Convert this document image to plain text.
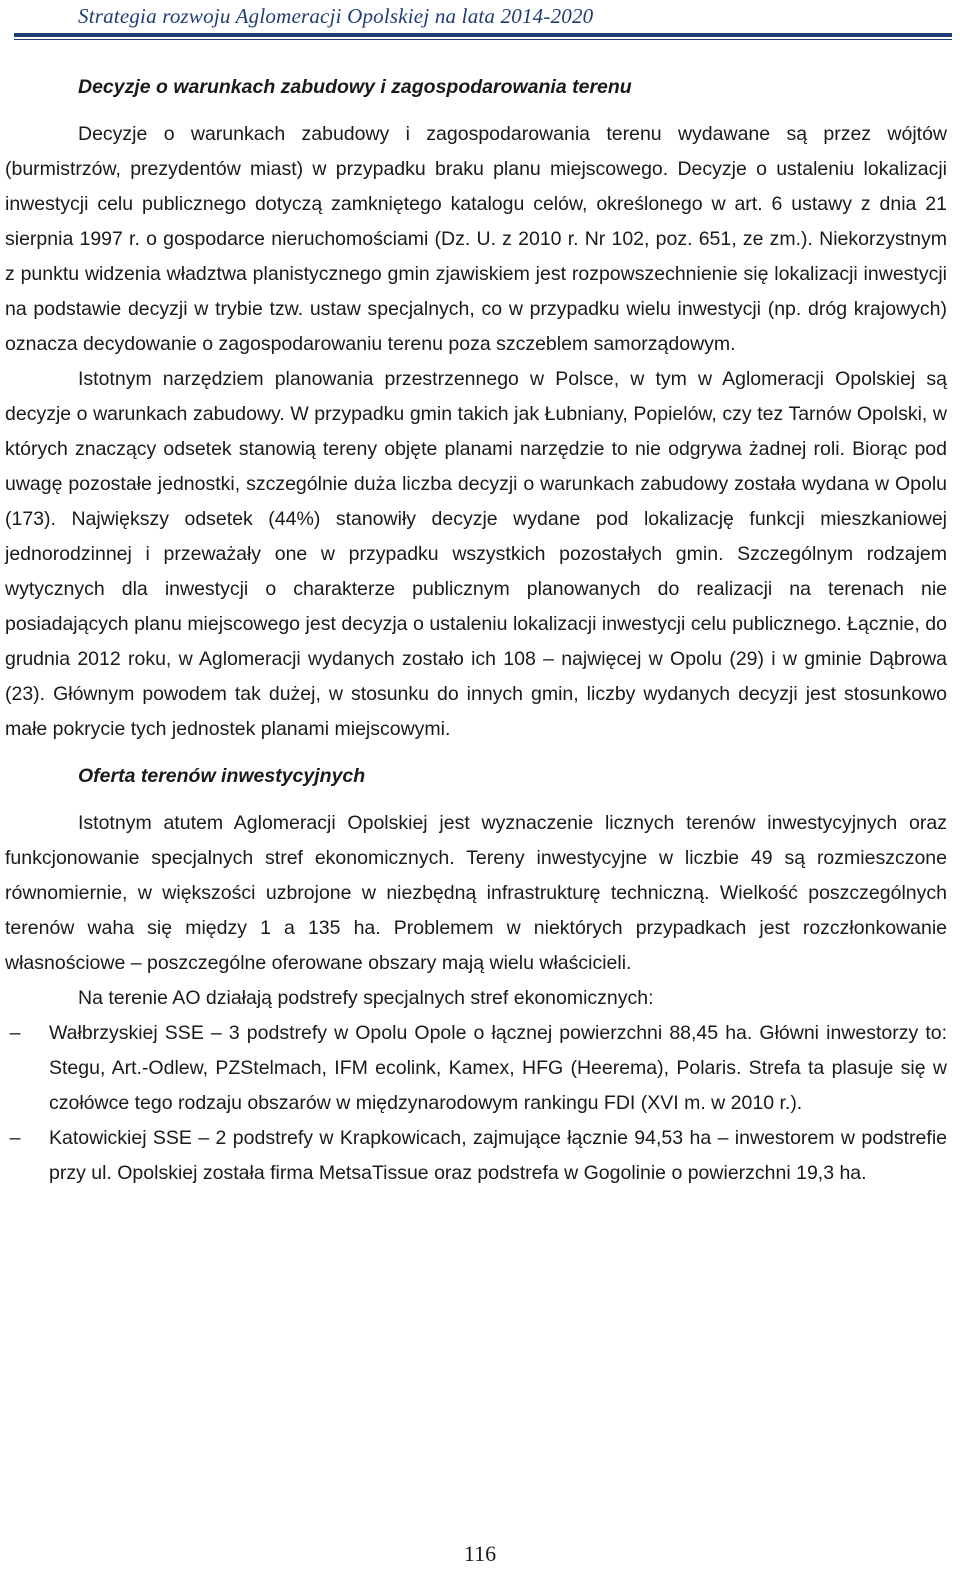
Strategia rozwoju Aglomeracji Opolskiej na lata 2014-2020

Decyzje o warunkach zabudowy i zagospodarowania terenu

Decyzje o warunkach zabudowy i zagospodarowania terenu wydawane są przez wójtów (burmistrzów, prezydentów miast) w przypadku braku planu miejscowego. Decyzje o ustaleniu lokalizacji inwestycji celu publicznego dotyczą zamkniętego katalogu celów, określonego w art. 6 ustawy z dnia 21 sierpnia 1997 r. o gospodarce nieruchomościami (Dz. U. z 2010 r. Nr 102, poz. 651, ze zm.). Niekorzystnym z punktu widzenia władztwa planistycznego gmin zjawiskiem jest rozpowszechnienie się lokalizacji inwestycji na podstawie decyzji w trybie tzw. ustaw specjalnych, co w przypadku wielu inwestycji (np. dróg krajowych) oznacza decydowanie o zagospodarowaniu terenu poza szczeblem samorządowym.

Istotnym narzędziem planowania przestrzennego w Polsce, w tym w Aglomeracji Opolskiej są decyzje o warunkach zabudowy. W przypadku gmin takich jak Łubniany, Popielów, czy tez Tarnów Opolski, w których znaczący odsetek stanowią tereny objęte planami narzędzie to nie odgrywa żadnej roli. Biorąc pod uwagę pozostałe jednostki, szczególnie duża liczba decyzji o warunkach zabudowy została wydana w Opolu (173). Największy odsetek (44%) stanowiły decyzje wydane pod lokalizację funkcji mieszkaniowej jednorodzinnej i przeważały one w przypadku wszystkich pozostałych gmin. Szczególnym rodzajem wytycznych dla inwestycji o charakterze publicznym planowanych do realizacji na terenach nie posiadających planu miejscowego jest decyzja o ustaleniu lokalizacji inwestycji celu publicznego. Łącznie, do grudnia 2012 roku, w Aglomeracji wydanych zostało ich 108 – najwięcej w Opolu (29) i w gminie Dąbrowa (23). Głównym powodem tak dużej, w stosunku do innych gmin, liczby wydanych decyzji jest stosunkowo małe pokrycie tych jednostek planami miejscowymi.

Oferta terenów inwestycyjnych

Istotnym atutem Aglomeracji Opolskiej jest wyznaczenie licznych terenów inwestycyjnych oraz funkcjonowanie specjalnych stref ekonomicznych. Tereny inwestycyjne w liczbie 49 są rozmieszczone równomiernie, w większości uzbrojone w niezbędną infrastrukturę techniczną. Wielkość poszczególnych terenów waha się między 1 a 135 ha. Problemem w niektórych przypadkach jest rozczłonkowanie własnościowe – poszczególne oferowane obszary mają wielu właścicieli.

Na terenie AO działają podstrefy specjalnych stref ekonomicznych:

– Wałbrzyskiej SSE – 3 podstrefy w Opolu Opole o łącznej powierzchni 88,45 ha. Główni inwestorzy to: Stegu, Art.-Odlew, PZStelmach, IFM ecolink, Kamex, HFG (Heerema), Polaris. Strefa ta plasuje się w czołówce tego rodzaju obszarów w międzynarodowym rankingu FDI (XVI m. w 2010 r.).
– Katowickiej SSE – 2 podstrefy w Krapkowicach, zajmujące łącznie 94,53 ha – inwestorem w podstrefie przy ul. Opolskiej została firma MetsaTissue oraz podstrefa w Gogolinie o powierzchni 19,3 ha.
116
